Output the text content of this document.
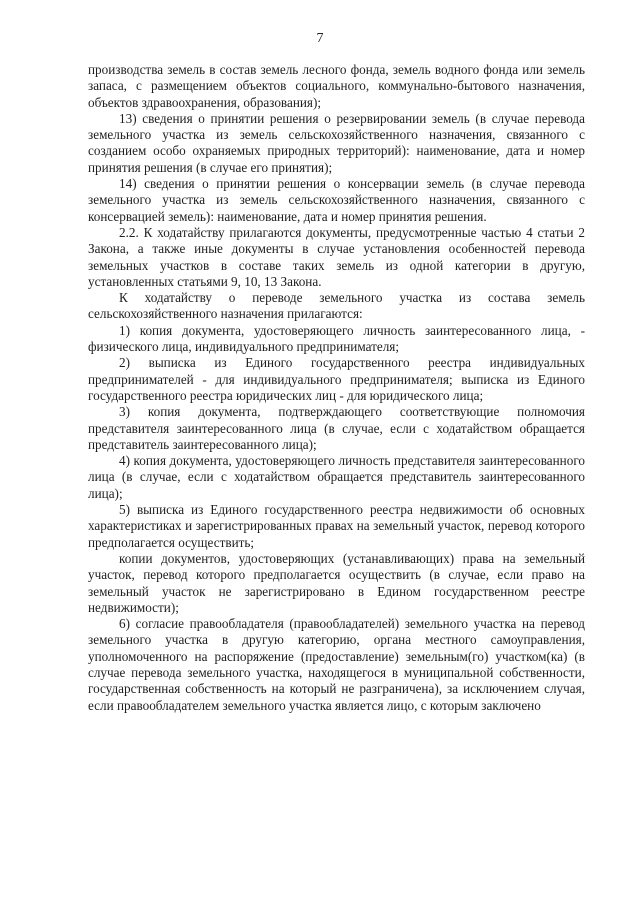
7

производства земель в состав земель лесного фонда, земель водного фонда или земель запаса, с размещением объектов социального, коммунально-бытового назначения, объектов здравоохранения, образования);

13) сведения о принятии решения о резервировании земель (в случае перевода земельного участка из земель сельскохозяйственного назначения, связанного с созданием особо охраняемых природных территорий): наименование, дата и номер принятия решения (в случае его принятия);

14) сведения о принятии решения о консервации земель (в случае перевода земельного участка из земель сельскохозяйственного назначения, связанного с консервацией земель): наименование, дата и номер принятия решения.

2.2. К ходатайству прилагаются документы, предусмотренные частью 4 статьи 2 Закона, а также иные документы в случае установления особенностей перевода земельных участков в составе таких земель из одной категории в другую, установленных статьями 9, 10, 13 Закона.

К ходатайству о переводе земельного участка из состава земель сельскохозяйственного назначения прилагаются:

1) копия документа, удостоверяющего личность заинтересованного лица, - физического лица, индивидуального предпринимателя;

2) выписка из Единого государственного реестра индивидуальных предпринимателей - для индивидуального предпринимателя; выписка из Единого государственного реестра юридических лиц - для юридического лица;

3) копия документа, подтверждающего соответствующие полномочия представителя заинтересованного лица (в случае, если с ходатайством обращается представитель заинтересованного лица);

4) копия документа, удостоверяющего личность представителя заинтересованного лица (в случае, если с ходатайством обращается представитель заинтересованного лица);

5) выписка из Единого государственного реестра недвижимости об основных характеристиках и зарегистрированных правах на земельный участок, перевод которого предполагается осуществить;

копии документов, удостоверяющих (устанавливающих) права на земельный участок, перевод которого предполагается осуществить (в случае, если право на земельный участок не зарегистрировано в Едином государственном реестре недвижимости);

6) согласие правообладателя (правообладателей) земельного участка на перевод земельного участка в другую категорию, органа местного самоуправления, уполномоченного на распоряжение (предоставление) земельным(го) участком(ка) (в случае перевода земельного участка, находящегося в муниципальной собственности, государственная собственность на который не разграничена), за исключением случая, если правообладателем земельного участка является лицо, с которым заключено
